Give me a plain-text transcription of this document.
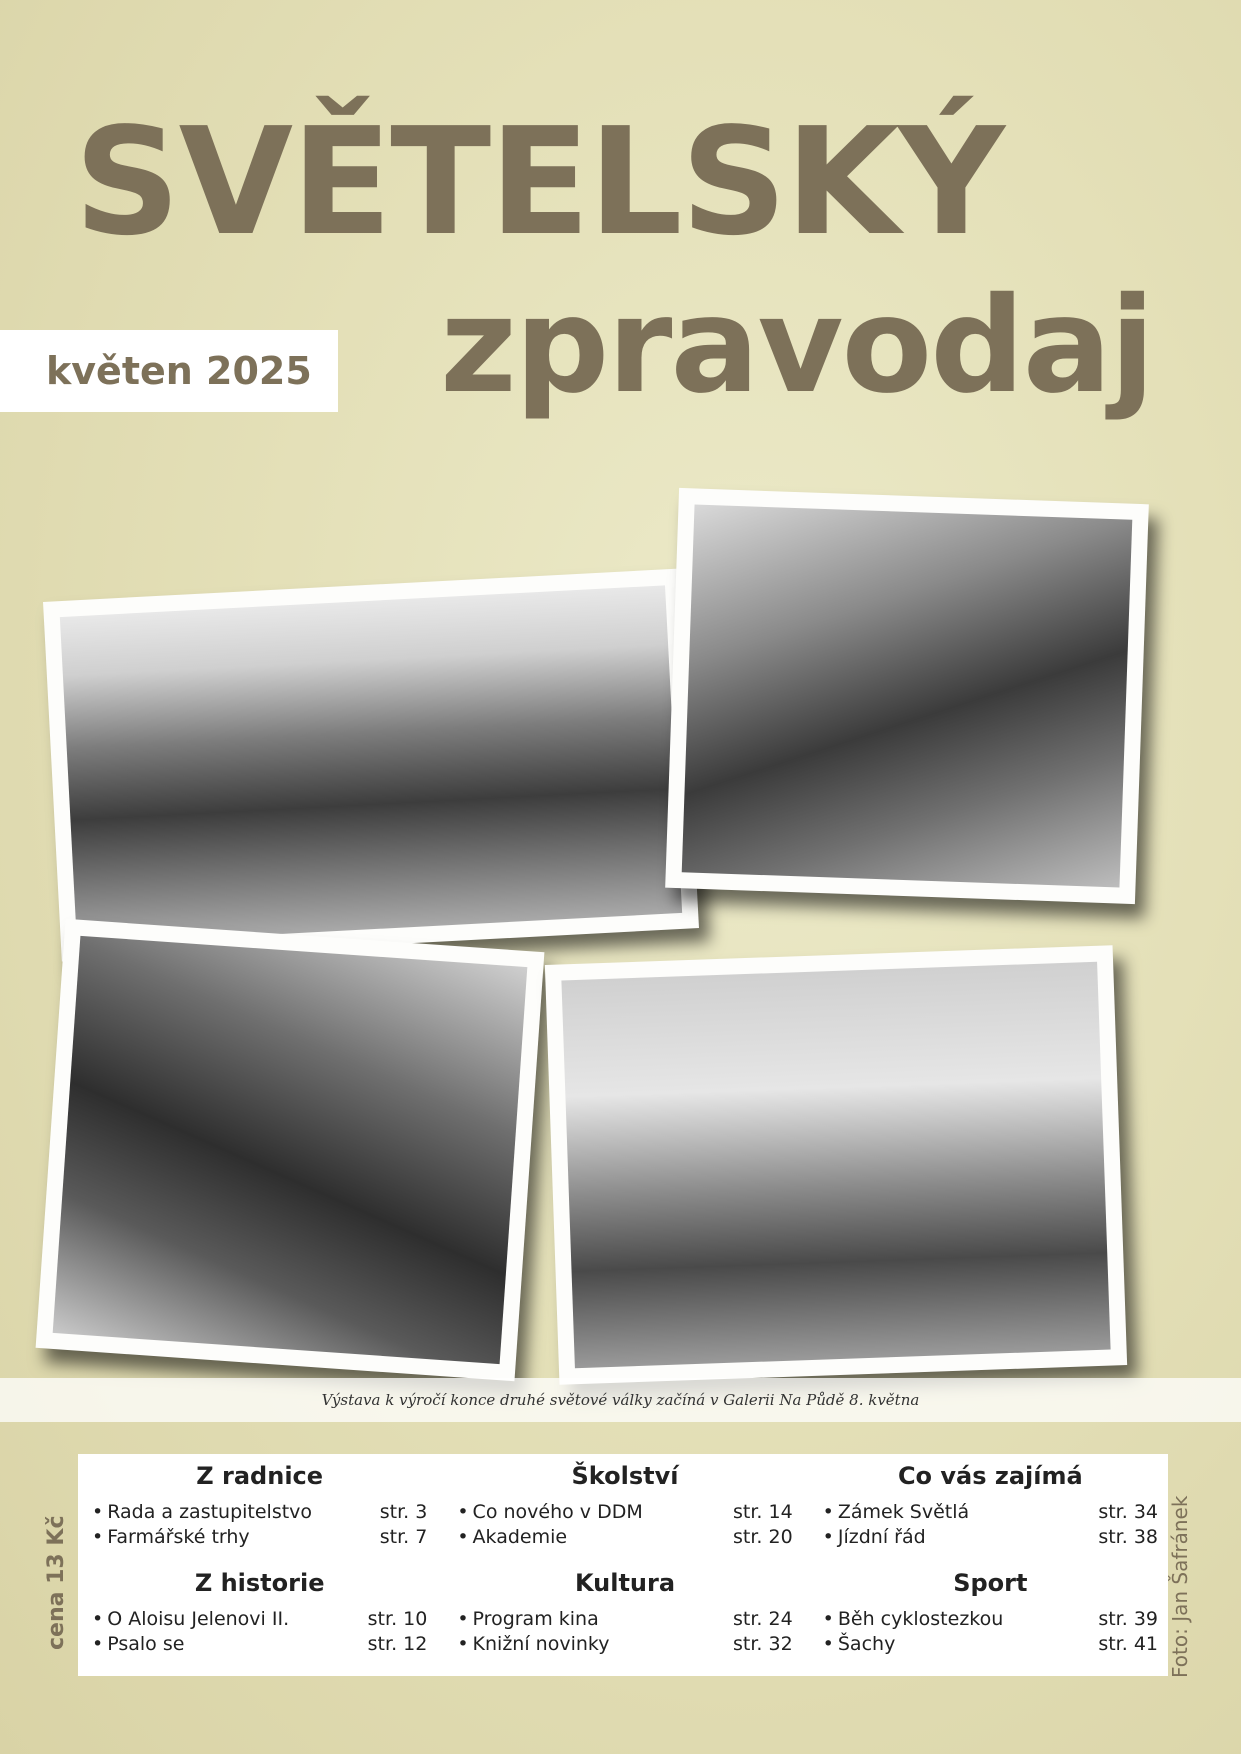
SVĚTELSKÝ
květen 2025 zpravodaj
Výstava k výročí konce druhé světové války začíná v Galerii Na Půdě 8. května
Z radnice
• Rada a zastupitelstvo	str. 3
• Farmářské trhy	str. 7
Školství
• Co nového v DDM	str. 14
• Akademie	str. 20
Co vás zajímá
• Zámek Světlá	str. 34
• Jízdní řád	str. 38
Z historie
• O Aloisu Jelenovi II.	str. 10
• Psalo se	str. 12
Kultura
• Program kina	str. 24
• Knižní novinky	str. 32
Sport
• Běh cyklostezkou	str. 39
• Šachy	str. 41
cena 13 Kč	Foto: Jan Šafránek
